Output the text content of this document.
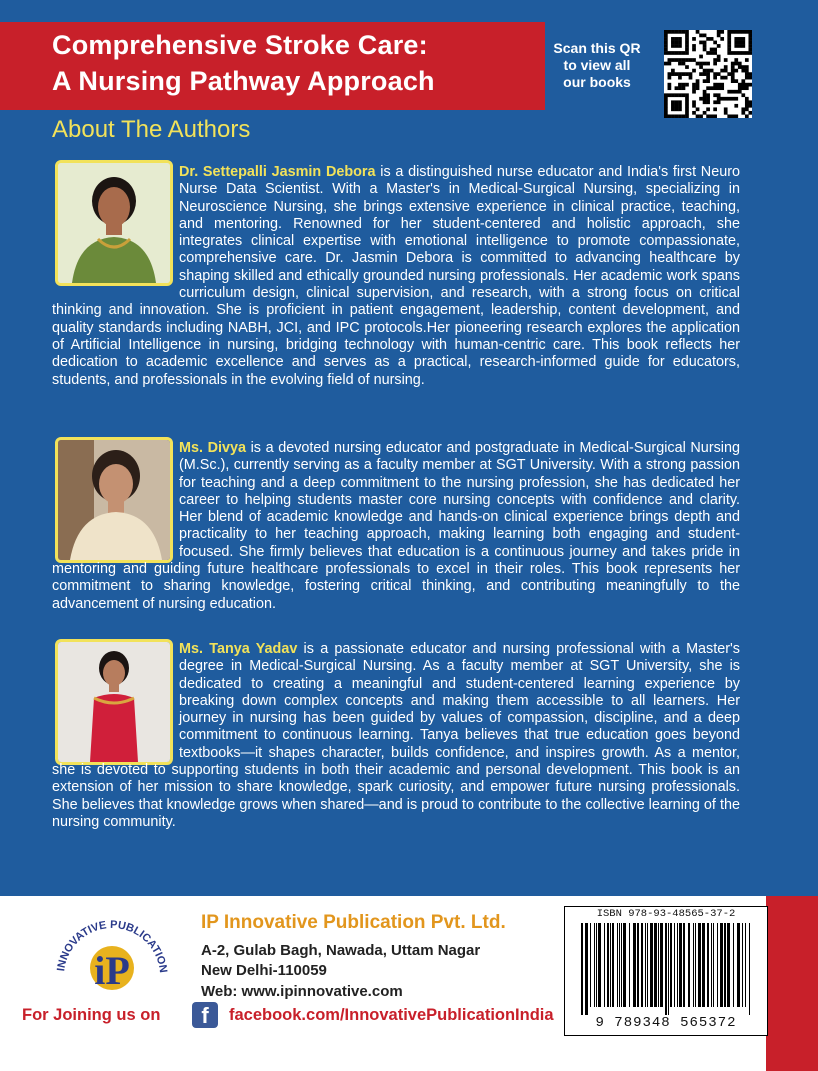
Comprehensive Stroke Care:
A Nursing Pathway Approach
Scan this QR
to view all
our books
About The Authors

Dr. Settepalli Jasmin Debora is a distinguished nurse educator and India's first Neuro Nurse Data Scientist. With a Master's in Medical-Surgical Nursing, specializing in Neuroscience Nursing, she brings extensive experience in clinical practice, teaching, and mentoring. Renowned for her student-centered and holistic approach, she integrates clinical expertise with emotional intelligence to promote compassionate, comprehensive care. Dr. Jasmin Debora is committed to advancing healthcare by shaping skilled and ethically grounded nursing professionals. Her academic work spans curriculum design, clinical supervision, and research, with a strong focus on critical thinking and innovation. She is proficient in patient engagement, leadership, content development, and quality standards including NABH, JCI, and IPC protocols.Her pioneering research explores the application of Artificial Intelligence in nursing, bridging technology with human-centric care. This book reflects her dedication to academic excellence and serves as a practical, research-informed guide for educators, students, and professionals in the evolving field of nursing.

Ms. Divya is a devoted nursing educator and postgraduate in Medical-Surgical Nursing (M.Sc.), currently serving as a faculty member at SGT University. With a strong passion for teaching and a deep commitment to the nursing profession, she has dedicated her career to helping students master core nursing concepts with confidence and clarity. Her blend of academic knowledge and hands-on clinical experience brings depth and practicality to her teaching approach, making learning both engaging and student-focused. She firmly believes that education is a continuous journey and takes pride in mentoring and guiding future healthcare professionals to excel in their roles. This book represents her commitment to sharing knowledge, fostering critical thinking, and contributing meaningfully to the advancement of nursing education.

Ms. Tanya Yadav is a passionate educator and nursing professional with a Master's degree in Medical-Surgical Nursing. As a faculty member at SGT University, she is dedicated to creating a meaningful and student-centered learning experience by breaking down complex concepts and making them accessible to all learners. Her journey in nursing has been guided by values of compassion, discipline, and a deep commitment to continuous learning. Tanya believes that true education goes beyond textbooks—it shapes character, builds confidence, and inspires growth. As a mentor, she is devoted to supporting students in both their academic and personal development. This book is an extension of her mission to share knowledge, spark curiosity, and empower future nursing professionals. She believes that knowledge grows when shared—and is proud to contribute to the collective learning of the nursing community.

INNOVATIVE PUBLICATION
iP
IP Innovative Publication Pvt. Ltd.
A-2, Gulab Bagh, Nawada, Uttam Nagar
New Delhi-110059
Web: www.ipinnovative.com
For Joining us on	f	facebook.com/InnovativePublicationIndia
ISBN 978-93-48565-37-2
9 789348 565372
